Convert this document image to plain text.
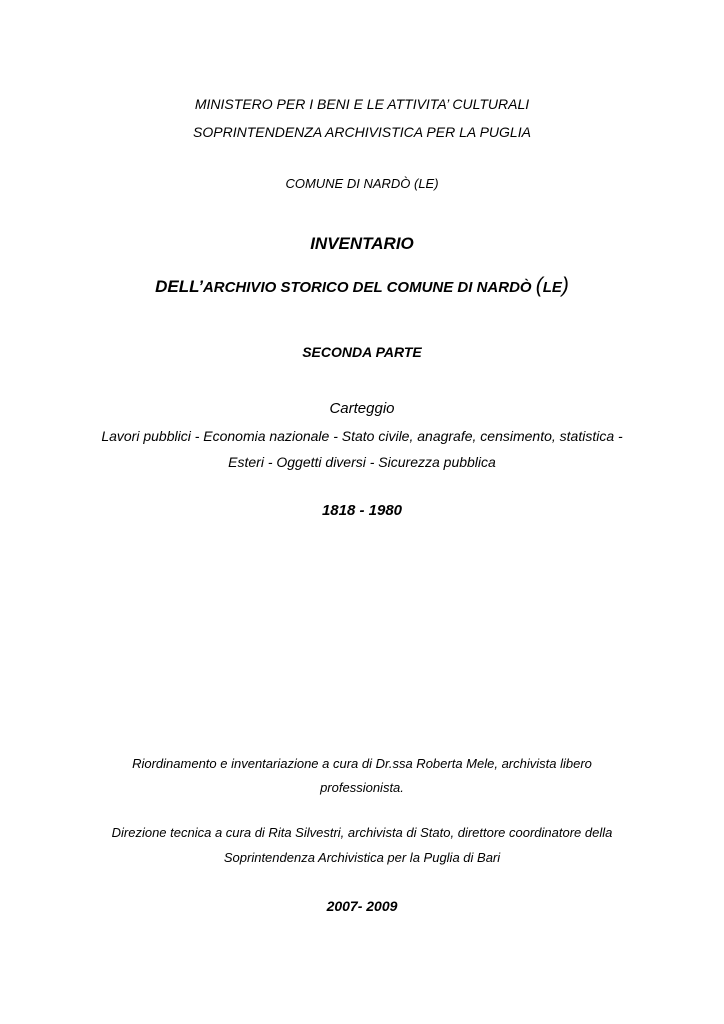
MINISTERO PER I BENI E LE ATTIVITA’ CULTURALI
SOPRINTENDENZA ARCHIVISTICA PER LA PUGLIA
COMUNE DI NARDÒ (LE)
INVENTARIO
DELL’ARCHIVIO STORICO DEL COMUNE DI NARDÒ (LE)
SECONDA PARTE
Carteggio
Lavori pubblici - Economia nazionale - Stato civile, anagrafe, censimento, statistica -
Esteri - Oggetti diversi - Sicurezza pubblica
1818 - 1980
Riordinamento e inventariazione a cura di Dr.ssa Roberta Mele, archivista libero
professionista.
Direzione tecnica a cura di Rita Silvestri, archivista di Stato, direttore coordinatore della
Soprintendenza Archivistica per la Puglia di Bari
2007- 2009
